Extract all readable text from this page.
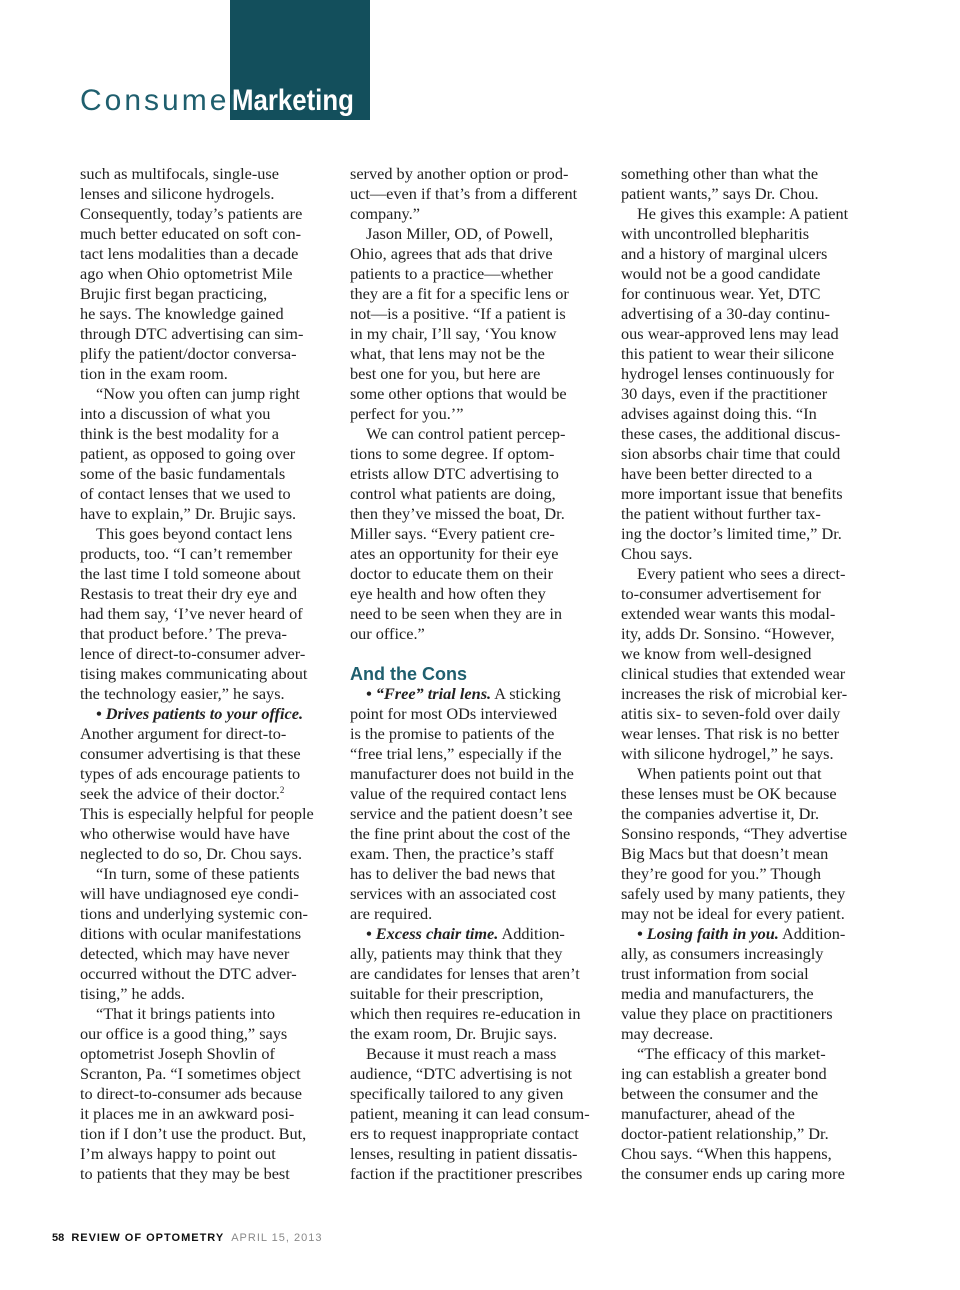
Consumer
Marketing
such as multifocals, single-use
lenses and silicone hydrogels.
Consequently, today’s patients are
much better educated on soft con-
tact lens modalities than a decade
ago when Ohio optometrist Mile
Brujic first began practicing,
he says. The knowledge gained
through DTC advertising can sim-
plify the patient/doctor conversa-
tion in the exam room.
“Now you often can jump right
into a discussion of what you
think is the best modality for a
patient, as opposed to going over
some of the basic fundamentals
of contact lenses that we used to
have to explain,” Dr. Brujic says.
This goes beyond contact lens
products, too. “I can’t remember
the last time I told someone about
Restasis to treat their dry eye and
had them say, ‘I’ve never heard of
that product before.’ The preva-
lence of direct-to-consumer adver-
tising makes communicating about
the technology easier,” he says.
• Drives patients to your office.
Another argument for direct-to-
consumer advertising is that these
types of ads encourage patients to
seek the advice of their doctor.$^2$
This is especially helpful for people
who otherwise would have have
neglected to do so, Dr. Chou says.
“In turn, some of these patients
will have undiagnosed eye condi-
tions and underlying systemic con-
ditions with ocular manifestations
detected, which may have never
occurred without the DTC adver-
tising,” he adds.
“That it brings patients into
our office is a good thing,” says
optometrist Joseph Shovlin of
Scranton, Pa. “I sometimes object
to direct-to-consumer ads because
it places me in an awkward posi-
tion if I don’t use the product. But,
I’m always happy to point out
to patients that they may be best
served by another option or prod-
uct—even if that’s from a different
company.”
Jason Miller, OD, of Powell,
Ohio, agrees that ads that drive
patients to a practice—whether
they are a fit for a specific lens or
not—is a positive. “If a patient is
in my chair, I’ll say, ‘You know
what, that lens may not be the
best one for you, but here are
some other options that would be
perfect for you.’”
We can control patient percep-
tions to some degree. If optom-
etrists allow DTC advertising to
control what patients are doing,
then they’ve missed the boat, Dr.
Miller says. “Every patient cre-
ates an opportunity for their eye
doctor to educate them on their
eye health and how often they
need to be seen when they are in
our office.”
And the Cons
• “Free” trial lens. A sticking
point for most ODs interviewed
is the promise to patients of the
“free trial lens,” especially if the
manufacturer does not build in the
value of the required contact lens
service and the patient doesn’t see
the fine print about the cost of the
exam. Then, the practice’s staff
has to deliver the bad news that
services with an associated cost
are required.
• Excess chair time. Addition-
ally, patients may think that they
are candidates for lenses that aren’t
suitable for their prescription,
which then requires re-education in
the exam room, Dr. Brujic says.
Because it must reach a mass
audience, “DTC advertising is not
specifically tailored to any given
patient, meaning it can lead consum-
ers to request inappropriate contact
lenses, resulting in patient dissatis-
faction if the practitioner prescribes
something other than what the
patient wants,” says Dr. Chou.
He gives this example: A patient
with uncontrolled blepharitis
and a history of marginal ulcers
would not be a good candidate
for continuous wear. Yet, DTC
advertising of a 30-day continu-
ous wear-approved lens may lead
this patient to wear their silicone
hydrogel lenses continuously for
30 days, even if the practitioner
advises against doing this. “In
these cases, the additional discus-
sion absorbs chair time that could
have been better directed to a
more important issue that benefits
the patient without further tax-
ing the doctor’s limited time,” Dr.
Chou says.
Every patient who sees a direct-
to-consumer advertisement for
extended wear wants this modal-
ity, adds Dr. Sonsino. “However,
we know from well-designed
clinical studies that extended wear
increases the risk of microbial ker-
atitis six- to seven-fold over daily
wear lenses. That risk is no better
with silicone hydrogel,” he says.
When patients point out that
these lenses must be OK because
the companies advertise it, Dr.
Sonsino responds, “They advertise
Big Macs but that doesn’t mean
they’re good for you.” Though
safely used by many patients, they
may not be ideal for every patient.
• Losing faith in you. Addition-
ally, as consumers increasingly
trust information from social
media and manufacturers, the
value they place on practitioners
may decrease.
“The efficacy of this market-
ing can establish a greater bond
between the consumer and the
manufacturer, ahead of the
doctor-patient relationship,” Dr.
Chou says. “When this happens,
the consumer ends up caring more
58 REVIEW OF OPTOMETRY APRIL 15, 2013
